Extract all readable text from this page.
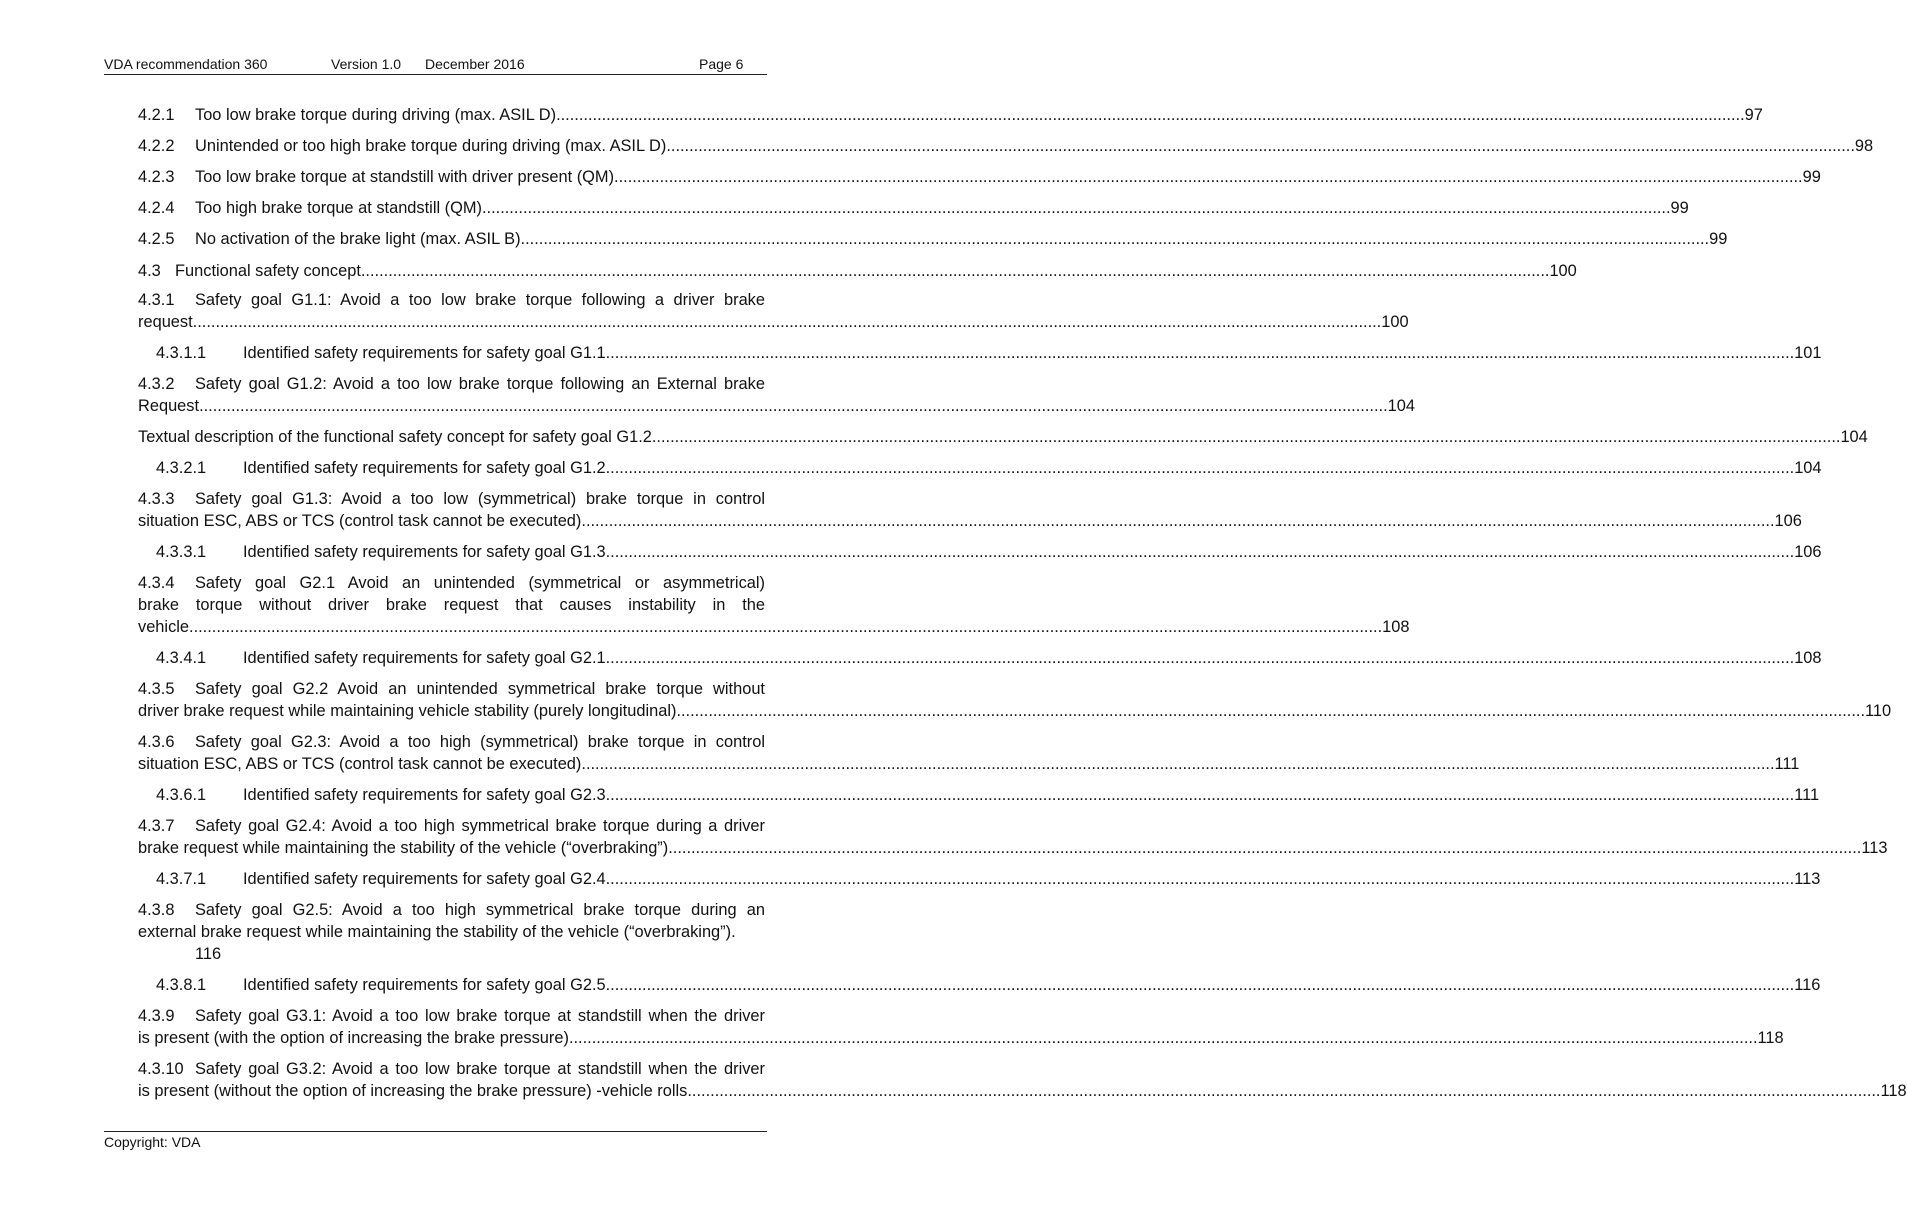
VDA recommendation 360	Version 1.0 December 2016	Page 6

4.2.1	Too low brake torque during driving (max. ASIL D) .....	97

4.2.2	Unintended or too high brake torque during driving (max. ASIL D) .....	98

4.2.3	Too low brake torque at standstill with driver present (QM) .....	99

4.2.4	Too high brake torque at standstill (QM) .....	99

4.2.5	No activation of the brake light (max. ASIL B) .....	99

4.3 Functional safety concept .....	100

4.3.1 Safety goal G1.1: Avoid a too low brake torque following a driver brake

request .....	100

4.3.1.1	Identified safety requirements for safety goal G1.1 .....	101

4.3.2 Safety goal G1.2: Avoid a too low brake torque following an External brake

Request .....	104

Textual description of the functional safety concept for safety goal G1.2 .....	104

4.3.2.1	Identified safety requirements for safety goal G1.2 .....	104

4.3.3 Safety goal G1.3: Avoid a too low (symmetrical) brake torque in control

situation ESC, ABS or TCS (control task cannot be executed). .....	106

4.3.3.1	Identified safety requirements for safety goal G1.3 .....	106

4.3.4 Safety goal G2.1 Avoid an unintended (symmetrical or asymmetrical)

brake torque without driver brake request that causes instability in the

vehicle. .....	108

4.3.4.1	Identified safety requirements for safety goal G2.1 .....	108

4.3.5 Safety goal G2.2 Avoid an unintended symmetrical brake torque without

driver brake request while maintaining vehicle stability (purely longitudinal) .....	110

4.3.6 Safety goal G2.3: Avoid a too high (symmetrical) brake torque in control

situation ESC, ABS or TCS (control task cannot be executed). .....	111

4.3.6.1	Identified safety requirements for safety goal G2.3 .....	111

4.3.7 Safety goal G2.4: Avoid a too high symmetrical brake torque during a driver

brake request while maintaining the stability of the vehicle (“overbraking”). .....	113

4.3.7.1	Identified safety requirements for safety goal G2.4 .....	113

4.3.8 Safety goal G2.5: Avoid a too high symmetrical brake torque during an

external brake request while maintaining the stability of the vehicle (“overbraking”).
116

4.3.8.1	Identified safety requirements for safety goal G2.5 .....	116

4.3.9 Safety goal G3.1: Avoid a too low brake torque at standstill when the driver

is present (with the option of increasing the brake pressure) .....	118

4.3.10 Safety goal G3.2: Avoid a too low brake torque at standstill when the driver

is present (without the option of increasing the brake pressure) -vehicle rolls. .....	118

Copyright: VDA
